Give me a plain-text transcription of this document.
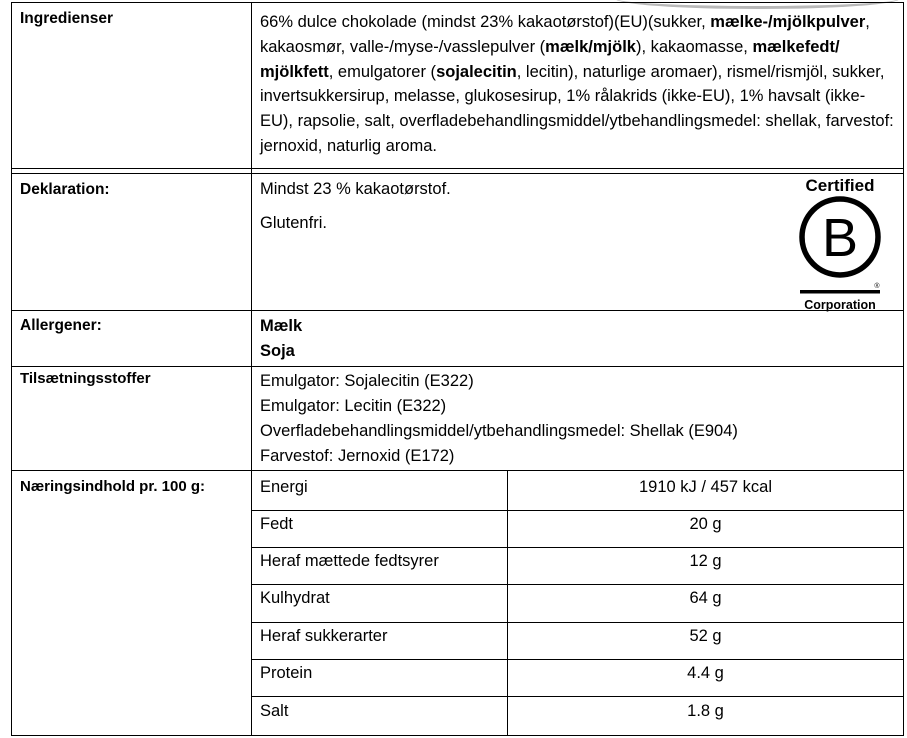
Ingredienser	66% dulce chokolade (mindst 23% kakaotørstof)(EU)(sukker, mælke-/mjölkpulver,
kakaosmør, valle-/myse-/vasslepulver (mælk/mjölk), kakaomasse, mælkefedt/
mjölkfett, emulgatorer (sojalecitin, lecitin), naturlige aromaer), rismel/rismjöl, sukker,
invertsukkersirup, melasse, glukosesirup, 1% rålakrids (ikke-EU), 1% havsalt (ikke-
EU), rapsolie, salt, overfladebehandlingsmiddel/ytbehandlingsmedel: shellak, farvestof:
jernoxid, naturlig aroma.
Deklaration:	Mindst 23 % kakaotørstof.
Glutenfri.
Certified
B
®
Corporation
Allergener:	Mælk
Soja
Tilsætningsstoffer	Emulgator: Sojalecitin (E322)
Emulgator: Lecitin (E322)
Overfladebehandlingsmiddel/ytbehandlingsmedel: Shellak (E904)
Farvestof: Jernoxid (E172)
Næringsindhold pr. 100 g:	Energi	1910 kJ / 457 kcal
Fedt	20 g
Heraf mættede fedtsyrer	12 g
Kulhydrat	64 g
Heraf sukkerarter	52 g
Protein	4.4 g
Salt	1.8 g
